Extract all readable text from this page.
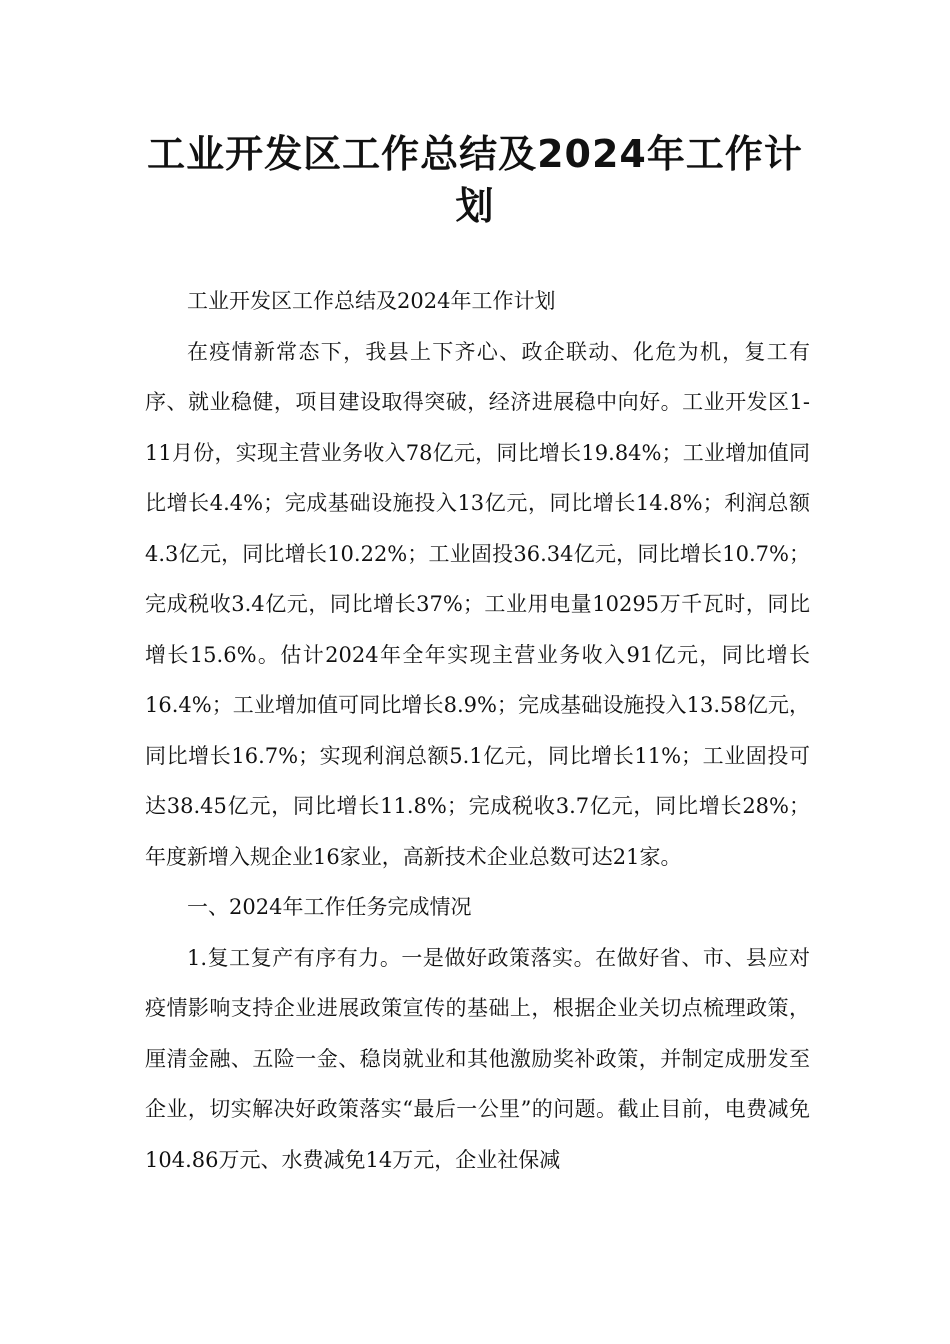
工业开发区工作总结及2024年工作计划

工业开发区工作总结及2024年工作计划

在疫情新常态下，我县上下齐心、政企联动、化危为机，复工有序、就业稳健，项目建设取得突破，经济进展稳中向好。工业开发区1-11月份，实现主营业务收入78亿元，同比增长19.84%；工业增加值同比增长4.4%；完成基础设施投入13亿元，同比增长14.8%；利润总额4.3亿元，同比增长10.22%；工业固投36.34亿元，同比增长10.7%；完成税收3.4亿元，同比增长37%；工业用电量10295万千瓦时，同比增长15.6%。估计2024年全年实现主营业务收入91亿元，同比增长16.4%；工业增加值可同比增长8.9%；完成基础设施投入13.58亿元，同比增长16.7%；实现利润总额5.1亿元，同比增长11%；工业固投可达38.45亿元，同比增长11.8%；完成税收3.7亿元，同比增长28%；年度新增入规企业16家业，高新技术企业总数可达21家。

一、2024年工作任务完成情况

1.复工复产有序有力。一是做好政策落实。在做好省、市、县应对疫情影响支持企业进展政策宣传的基础上，根据企业关切点梳理政策，厘清金融、五险一金、稳岗就业和其他激励奖补政策，并制定成册发至企业，切实解决好政策落实“最后一公里”的问题。截止目前，电费减免104.86万元、水费减免14万元，企业社保减
